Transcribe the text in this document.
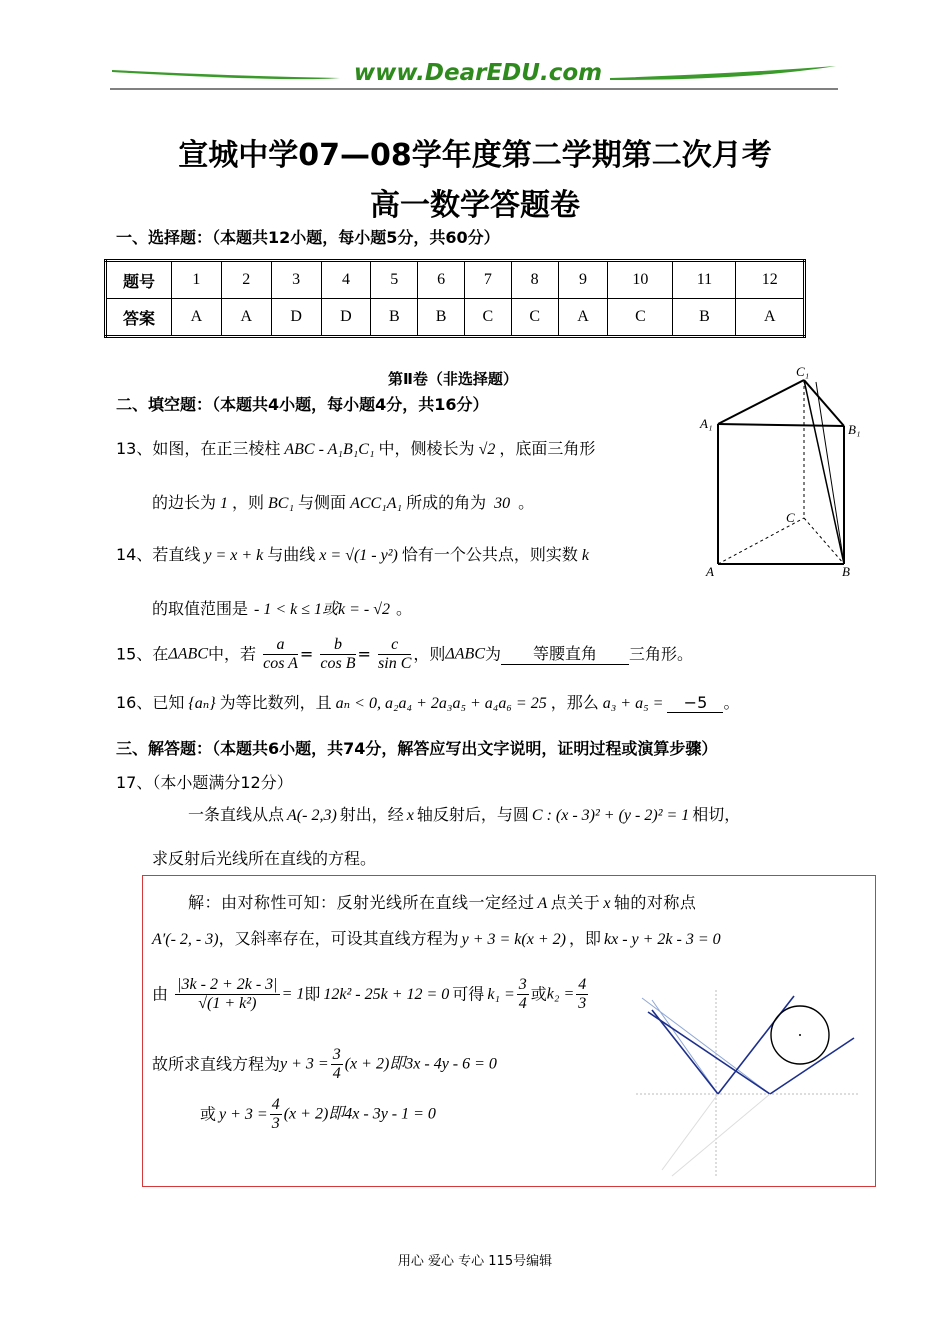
www.DearEDU.com
宣城中学07—08学年度第二学期第二次月考
高一数学答题卷
一、选择题：（本题共12小题，每小题5分，共60分）
题号	1	2	3	4	5	6	7	8	9	10	11	12
答案	A	A	D	D	B	B	C	C	A	C	B	A
第Ⅱ卷（非选择题）
二、填空题：（本题共4小题，每小题4分，共16分）
13、如图，在正三棱柱 ABC - A₁B₁C₁ 中，侧棱长为 √2 ，底面三角形
的边长为 1 ，则 BC₁ 与侧面 ACC₁A₁ 所成的角为 30 。
C₁
A₁	B₁
C
A	B
14、若直线 y = x + k 与曲线 x = √(1 - y²) 恰有一个公共点，则实数 k
的取值范围是 - 1 < k ≤ 1或k = - √2 。
15、在ΔABC中，若 $\frac{a}{\text{cos A}} = \frac{b}{\text{cos B}} = \frac{c}{\text{sin C}}$ ，则ΔABC为 等腰直角 三角形。
16、已知 {aₙ} 为等比数列，且 aₙ < 0, a₂a₄ + 2a₃a₅ + a₄a₆ = 25 ，那么 a₃ + a₅ = −5 。
三、解答题：（本题共6小题，共74分，解答应写出文字说明，证明过程或演算步骤）
17、（本小题满分12分）
一条直线从点 A(- 2,3) 射出，经 x 轴反射后，与圆 C : (x - 3)² + (y - 2)² = 1 相切，
求反射后光线所在直线的方程。
解：由对称性可知：反射光线所在直线一定经过 A 点关于 x 轴的对称点
A′(- 2, - 3)，又斜率存在，可设其直线方程为 y + 3 = k(x + 2) ，即 kx - y + 2k - 3 = 0
由 $\frac{|3k - 2 + 2k - 3|}{\text{√(1 + k²)}} = 1$即 12k² - 25k + 12 = 0 可得 $k_1 = \frac{3}{4}$ 或$k_2 = \frac{4}{3}$
故所求直线方程为$y + 3 = \frac{3}{4} (x + 2)$即3x - 4y - 6 = 0
或 $y + 3 = \frac{4}{3} (x + 2)$即4x - 3y - 1 = 0
用心 爱心 专心 115号编辑
